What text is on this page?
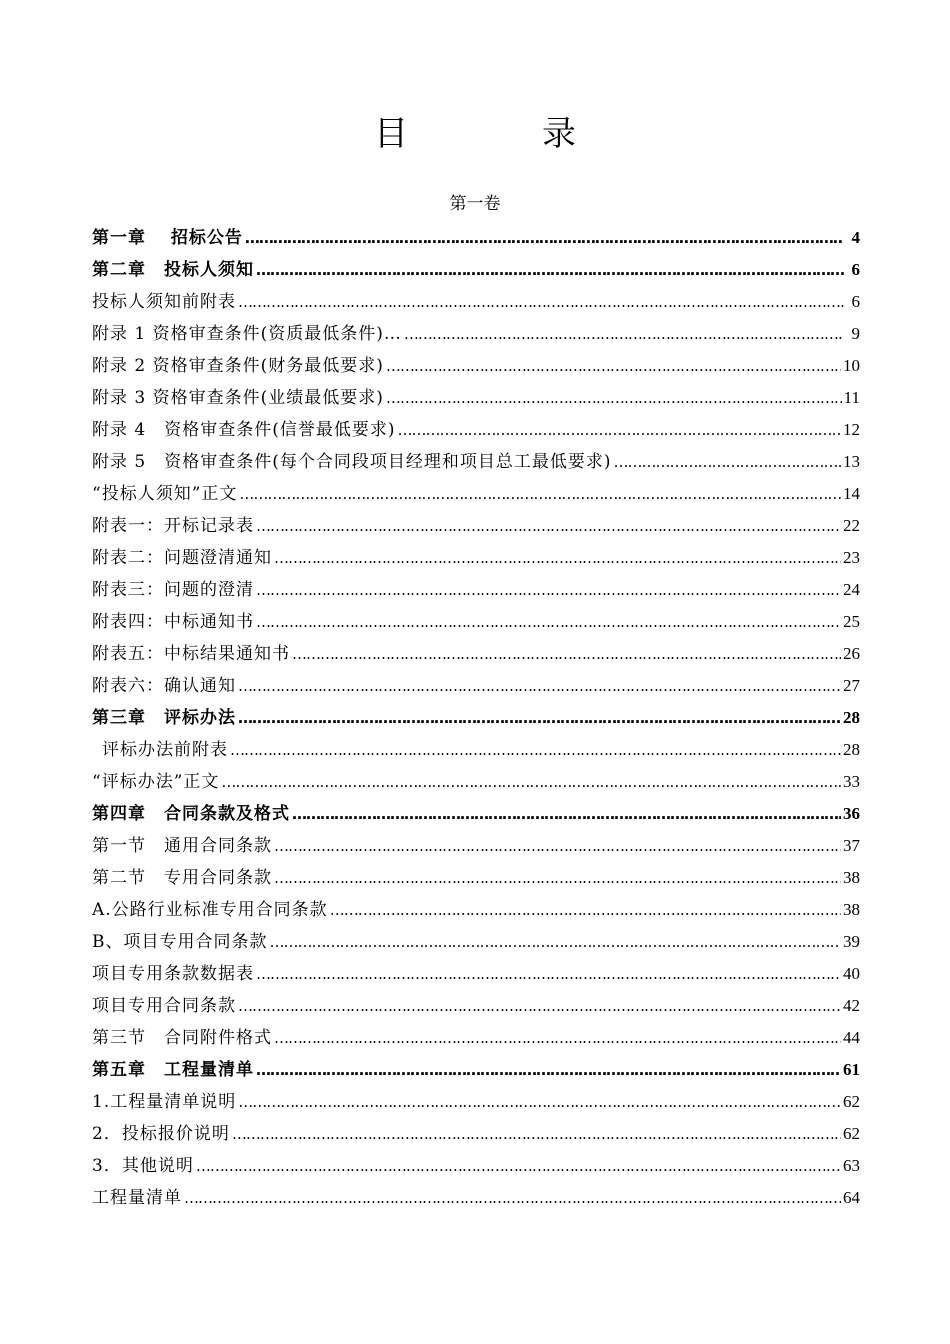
目　录
第一卷
第一章　 招标公告 …………………………………………………………………………………………………………………………………………………………………………………………………………	4
第二章　投标人须知 …………………………………………………………………………………………………………………………………………………………………………………………………………	6
投标人须知前附表 …………………………………………………………………………………………………………………………………………………………………………………………………………	6
附录 1 资格审查条件(资质最低条件)… …………………………………………………………………………………………………………………………………………………………………………………………………………	9
附录 2 资格审查条件(财务最低要求) …………………………………………………………………………………………………………………………………………………………………………………………………………	10
附录 3 资格审查条件(业绩最低要求) …………………………………………………………………………………………………………………………………………………………………………………………………………	11
附录 4　资格审查条件(信誉最低要求) …………………………………………………………………………………………………………………………………………………………………………………………………………	12
附录 5　资格审查条件(每个合同段项目经理和项目总工最低要求) …………………………………………………………………………………………………………………………………………………………………………………………………………	13
“投标人须知”正文 …………………………………………………………………………………………………………………………………………………………………………………………………………	14
附表一：开标记录表 …………………………………………………………………………………………………………………………………………………………………………………………………………	22
附表二：问题澄清通知 …………………………………………………………………………………………………………………………………………………………………………………………………………	23
附表三：问题的澄清 …………………………………………………………………………………………………………………………………………………………………………………………………………	24
附表四：中标通知书 …………………………………………………………………………………………………………………………………………………………………………………………………………	25
附表五：中标结果通知书 …………………………………………………………………………………………………………………………………………………………………………………………………………	26
附表六：确认通知 …………………………………………………………………………………………………………………………………………………………………………………………………………	27
第三章　评标办法 …………………………………………………………………………………………………………………………………………………………………………………………………………	28
评标办法前附表 …………………………………………………………………………………………………………………………………………………………………………………………………………	28
“评标办法”正文 …………………………………………………………………………………………………………………………………………………………………………………………………………	33
第四章　合同条款及格式 …………………………………………………………………………………………………………………………………………………………………………………………………………	36
第一节　通用合同条款 …………………………………………………………………………………………………………………………………………………………………………………………………………	37
第二节　专用合同条款 …………………………………………………………………………………………………………………………………………………………………………………………………………	38
A.公路行业标准专用合同条款 …………………………………………………………………………………………………………………………………………………………………………………………………………	38
B、项目专用合同条款 …………………………………………………………………………………………………………………………………………………………………………………………………………	39
项目专用条款数据表 …………………………………………………………………………………………………………………………………………………………………………………………………………	40
项目专用合同条款 …………………………………………………………………………………………………………………………………………………………………………………………………………	42
第三节　合同附件格式 …………………………………………………………………………………………………………………………………………………………………………………………………………	44
第五章　工程量清单 …………………………………………………………………………………………………………………………………………………………………………………………………………	61
1.工程量清单说明 …………………………………………………………………………………………………………………………………………………………………………………………………………	62
2．投标报价说明 …………………………………………………………………………………………………………………………………………………………………………………………………………	62
3．其他说明 …………………………………………………………………………………………………………………………………………………………………………………………………………	63
工程量清单 …………………………………………………………………………………………………………………………………………………………………………………………………………	64
